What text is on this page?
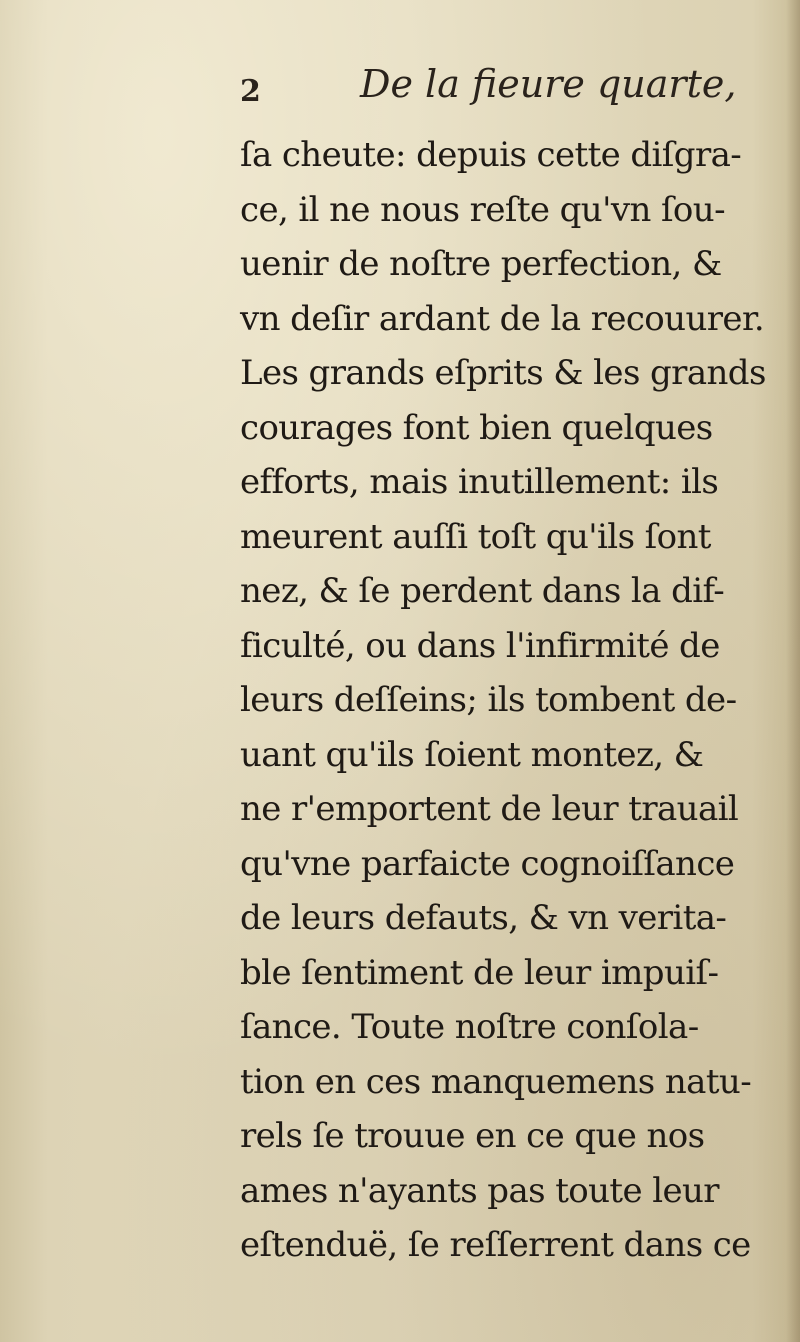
2	De la fieure quarte,
ſa cheute: depuis cette diſgra-
ce, il ne nous reſte qu'vn ſou-
uenir de noſtre perfection, &
vn deſir ardant de la recouurer.
Les grands eſprits & les grands
courages font bien quelques
efforts, mais inutillement: ils
meurent auſſi toſt qu'ils ſont
nez, & ſe perdent dans la dif-
ficulté, ou dans l'infirmité de
leurs deſſeins; ils tombent de-
uant qu'ils ſoient montez, &
ne r'emportent de leur trauail
qu'vne parfaicte cognoiſſance
de leurs defauts, & vn verita-
ble ſentiment de leur impuiſ-
ſance. Toute noſtre conſola-
tion en ces manquemens natu-
rels ſe trouue en ce que nos
ames n'ayants pas toute leur
eſtenduë, ſe reſſerrent dans ce
